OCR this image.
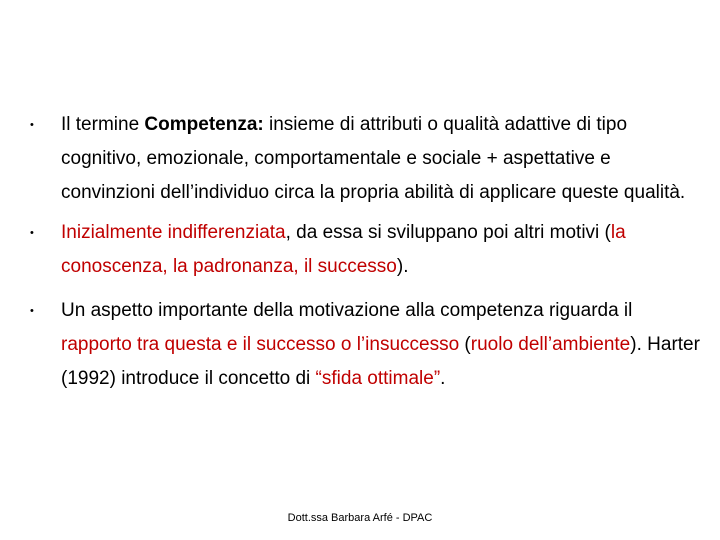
• Il termine Competenza: insieme di attributi o qualità adattive di tipo cognitivo, emozionale, comportamentale e sociale + aspettative e convinzioni dell’individuo circa la propria abilità di applicare queste qualità.
• Inizialmente indifferenziata, da essa si sviluppano poi altri motivi (la conoscenza, la padronanza, il successo).
• Un aspetto importante della motivazione alla competenza riguarda il rapporto tra questa e il successo o l’insuccesso (ruolo dell’ambiente). Harter (1992) introduce il concetto di “sfida ottimale”.
Dott.ssa Barbara Arfé - DPAC
